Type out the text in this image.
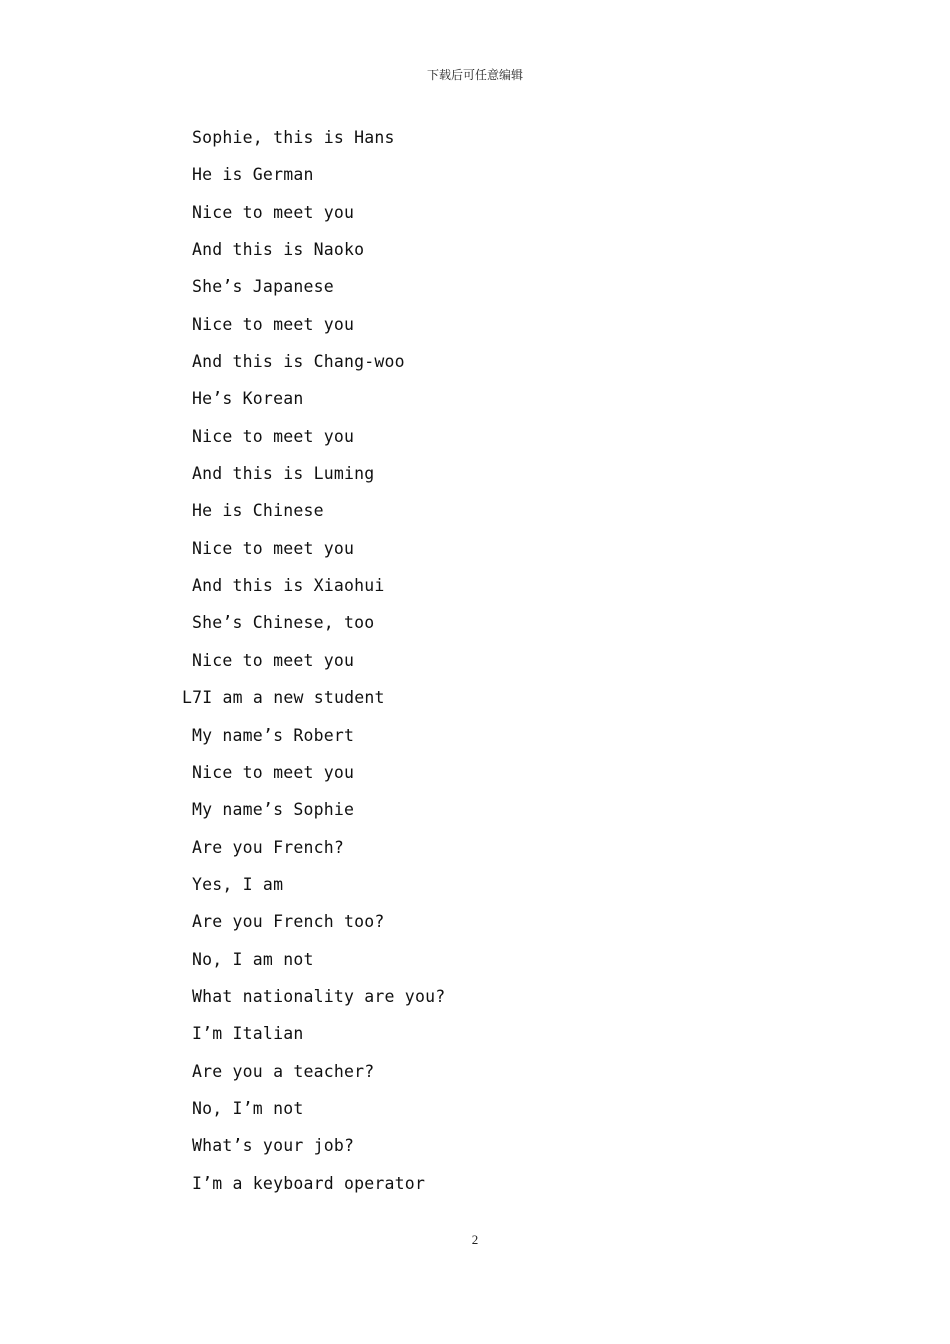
下载后可任意编辑
Sophie, this is Hans
He is German
Nice to meet you
And this is Naoko
She’s Japanese
Nice to meet you
And this is Chang-woo
He’s Korean
Nice to meet you
And this is Luming
He is Chinese
Nice to meet you
And this is Xiaohui
She’s Chinese, too
Nice to meet you
L7I am a new student
My name’s Robert
Nice to meet you
My name’s Sophie
Are you French?
Yes, I am
Are you French too?
No, I am not
What nationality are you?
I’m Italian
Are you a teacher?
No, I’m not
What’s your job?
I’m a keyboard operator
2
